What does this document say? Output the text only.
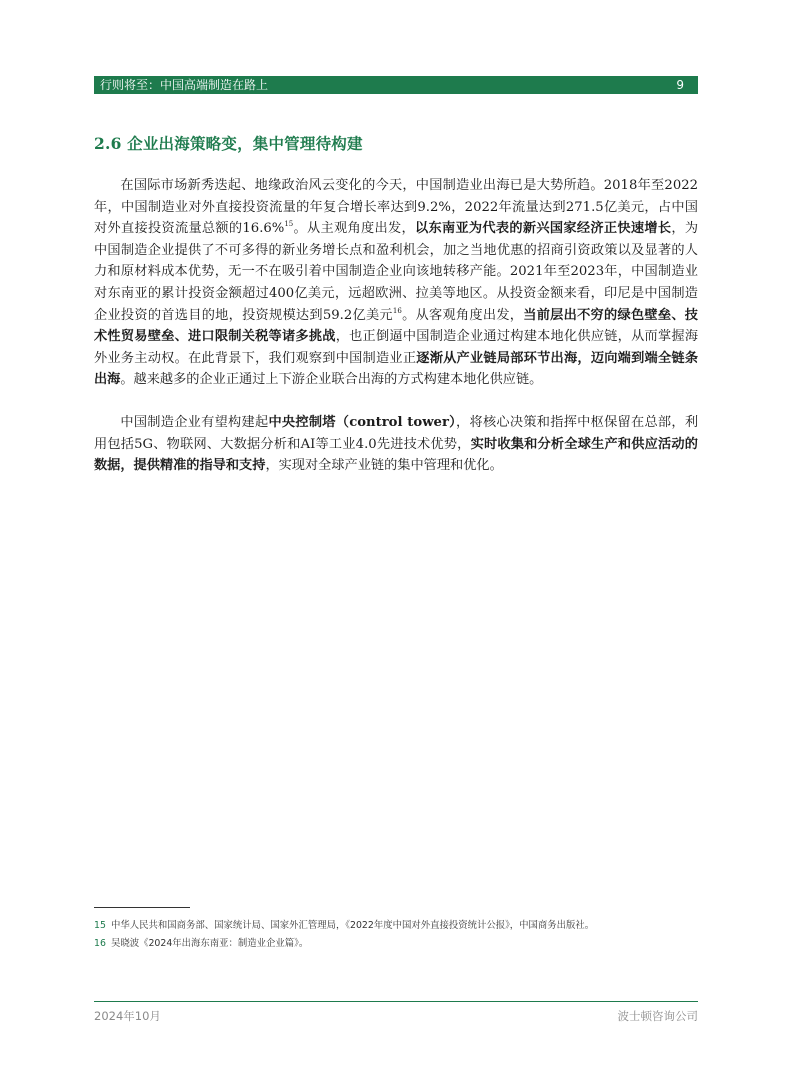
行则将至：中国高端制造在路上	9
2.6 企业出海策略变，集中管理待构建

在国际市场新秀迭起、地缘政治风云变化的今天，中国制造业出海已是大势所趋。2018年至2022年，中国制造业对外直接投资流量的年复合增长率达到9.2%，2022年流量达到271.5亿美元，占中国对外直接投资流量总额的16.6%$^{15}$。从主观角度出发，以东南亚为代表的新兴国家经济正快速增长，为中国制造企业提供了不可多得的新业务增长点和盈利机会，加之当地优惠的招商引资政策以及显著的人力和原材料成本优势，无一不在吸引着中国制造企业向该地转移产能。2021年至2023年，中国制造业对东南亚的累计投资金额超过400亿美元，远超欧洲、拉美等地区。从投资金额来看，印尼是中国制造企业投资的首选目的地，投资规模达到59.2亿美元$^{16}$。从客观角度出发，当前层出不穷的绿色壁垒、技术性贸易壁垒、进口限制关税等诸多挑战，也正倒逼中国制造企业通过构建本地化供应链，从而掌握海外业务主动权。在此背景下，我们观察到中国制造业正逐渐从产业链局部环节出海，迈向端到端全链条出海。越来越多的企业正通过上下游企业联合出海的方式构建本地化供应链。

中国制造企业有望构建起中央控制塔（control tower），将核心决策和指挥中枢保留在总部，利用包括5G、物联网、大数据分析和AI等工业4.0先进技术优势，实时收集和分析全球生产和供应活动的数据，提供精准的指导和支持，实现对全球产业链的集中管理和优化。

15 中华人民共和国商务部、国家统计局、国家外汇管理局，《2022年度中国对外直接投资统计公报》，中国商务出版社。
16 吴晓波《2024年出海东南亚：制造业企业篇》。
2024年10月	波士顿咨询公司
